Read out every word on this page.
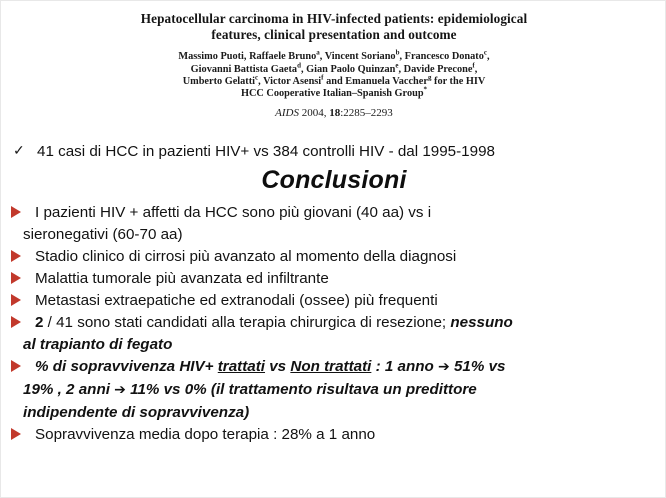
Hepatocellular carcinoma in HIV-infected patients: epidemiological features, clinical presentation and outcome
Massimo Puoti, Raffaele Bruno$^a$, Vincent Soriano$^b$, Francesco Donato$^c$,
Giovanni Battista Gaeta$^d$, Gian Paolo Quinzan$^e$, Davide Precone$^f$,
Umberto Gelatti$^c$, Victor Asensi$^f$ and Emanuela Vaccher$^g$ for the HIV
HCC Cooperative Italian–Spanish Group*
AIDS 2004, 18:2285–2293
✓ 41 casi di HCC in pazienti HIV+ vs 384 controlli HIV - dal 1995-1998
Conclusioni
I pazienti HIV + affetti da HCC sono più giovani (40 aa) vs i
sieronegativi (60-70 aa)
Stadio clinico di cirrosi più avanzato al momento della diagnosi
Malattia tumorale più avanzata ed infiltrante
Metastasi extraepatiche ed extranodali (ossee) più frequenti
2 / 41 sono stati candidati alla terapia chirurgica di resezione; nessuno
al trapianto di fegato
% di sopravvivenza HIV+ trattati vs Non trattati : 1 anno ➔ 51% vs
19% , 2 anni ➔ 11% vs 0% (il trattamento risultava un predittore
indipendente di sopravvivenza)
Sopravvivenza media dopo terapia : 28% a 1 anno
